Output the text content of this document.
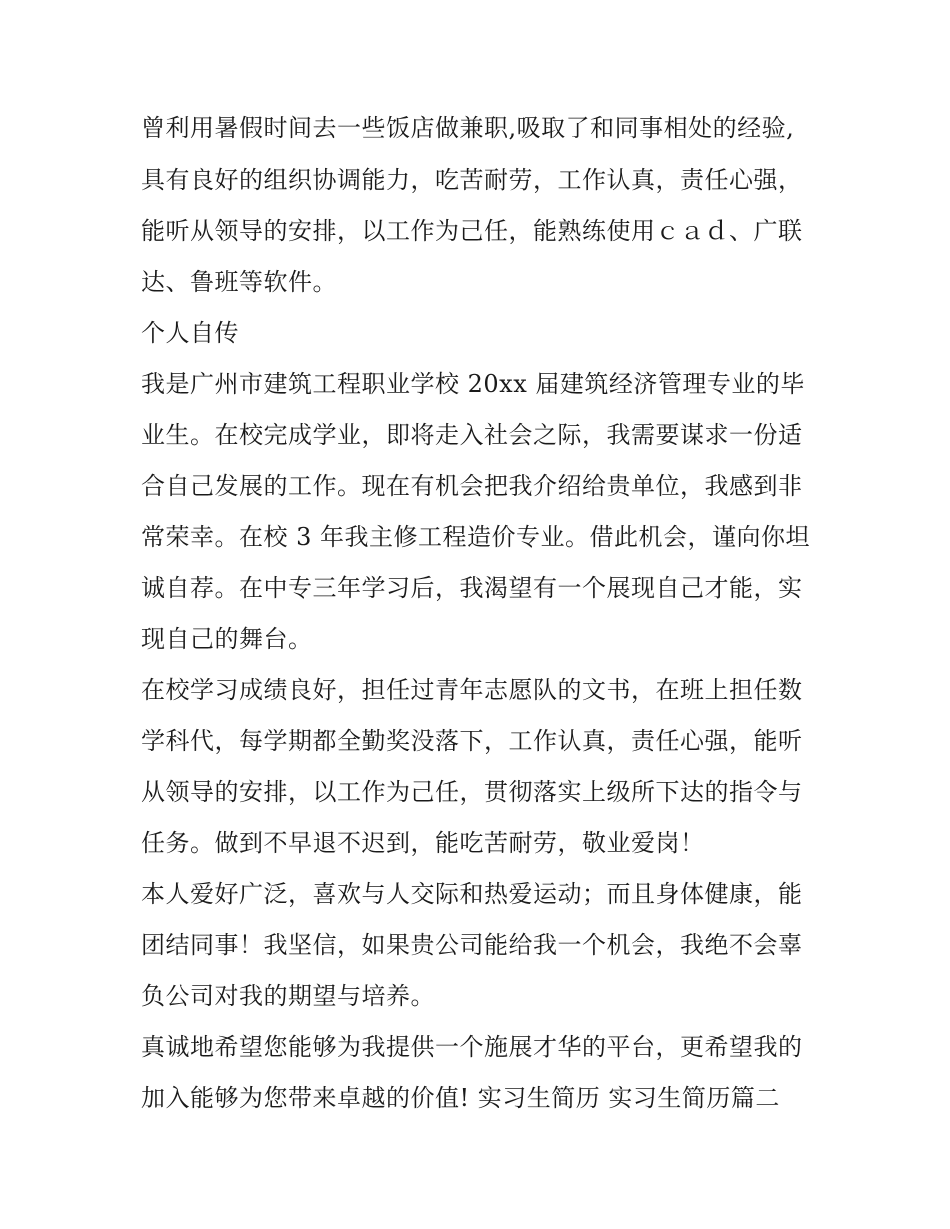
曾利用暑假时间去一些饭店做兼职,吸取了和同事相处的经验,

具有良好的组织协调能力，吃苦耐劳，工作认真，责任心强，

能听从领导的安排，以工作为己任，能熟练使用ｃａｄ、广联

达、鲁班等软件。

个人自传

我是广州市建筑工程职业学校 20xx 届建筑经济管理专业的毕

业生。在校完成学业，即将走入社会之际，我需要谋求一份适

合自己发展的工作。现在有机会把我介绍给贵单位，我感到非

常荣幸。在校 3 年我主修工程造价专业。借此机会，谨向你坦

诚自荐。在中专三年学习后，我渴望有一个展现自己才能，实

现自己的舞台。

在校学习成绩良好，担任过青年志愿队的文书，在班上担任数

学科代，每学期都全勤奖没落下，工作认真，责任心强，能听

从领导的安排，以工作为己任，贯彻落实上级所下达的指令与

任务。做到不早退不迟到，能吃苦耐劳，敬业爱岗！

本人爱好广泛，喜欢与人交际和热爱运动；而且身体健康，能

团结同事！我坚信，如果贵公司能给我一个机会，我绝不会辜

负公司对我的期望与培养。

真诚地希望您能够为我提供一个施展才华的平台，更希望我的

加入能够为您带来卓越的价值! 实习生简历 实习生简历篇二
